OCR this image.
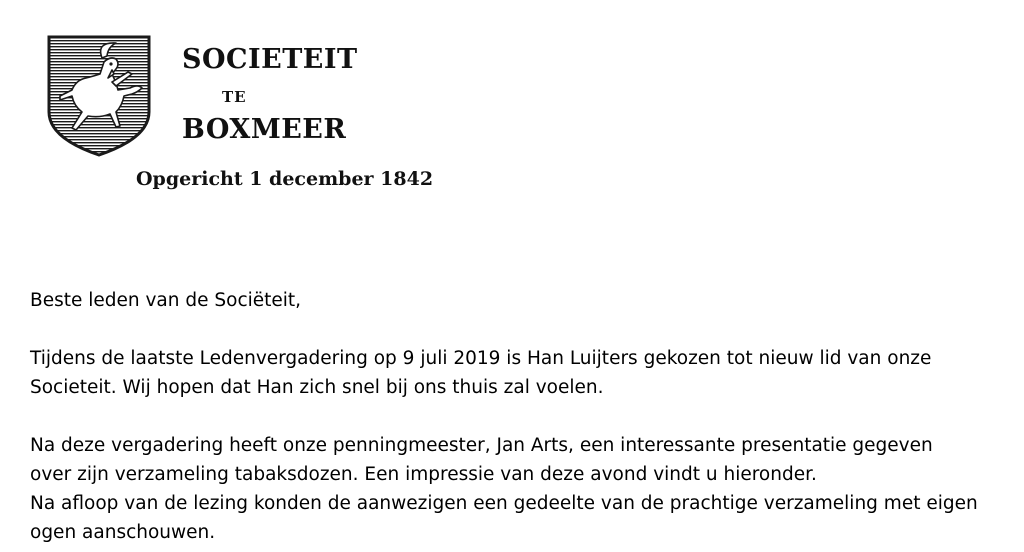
SOCIETEIT
TE
BOXMEER
Opgericht 1 december 1842

Beste leden van de Sociëteit,

Tijdens de laatste Ledenvergadering op 9 juli 2019 is Han Luijters gekozen tot nieuw lid van onze

Societeit. Wij hopen dat Han zich snel bij ons thuis zal voelen.

Na deze vergadering heeft onze penningmeester, Jan Arts, een interessante presentatie gegeven

over zijn verzameling tabaksdozen. Een impressie van deze avond vindt u hieronder.

Na afloop van de lezing konden de aanwezigen een gedeelte van de prachtige verzameling met eigen

ogen aanschouwen.
